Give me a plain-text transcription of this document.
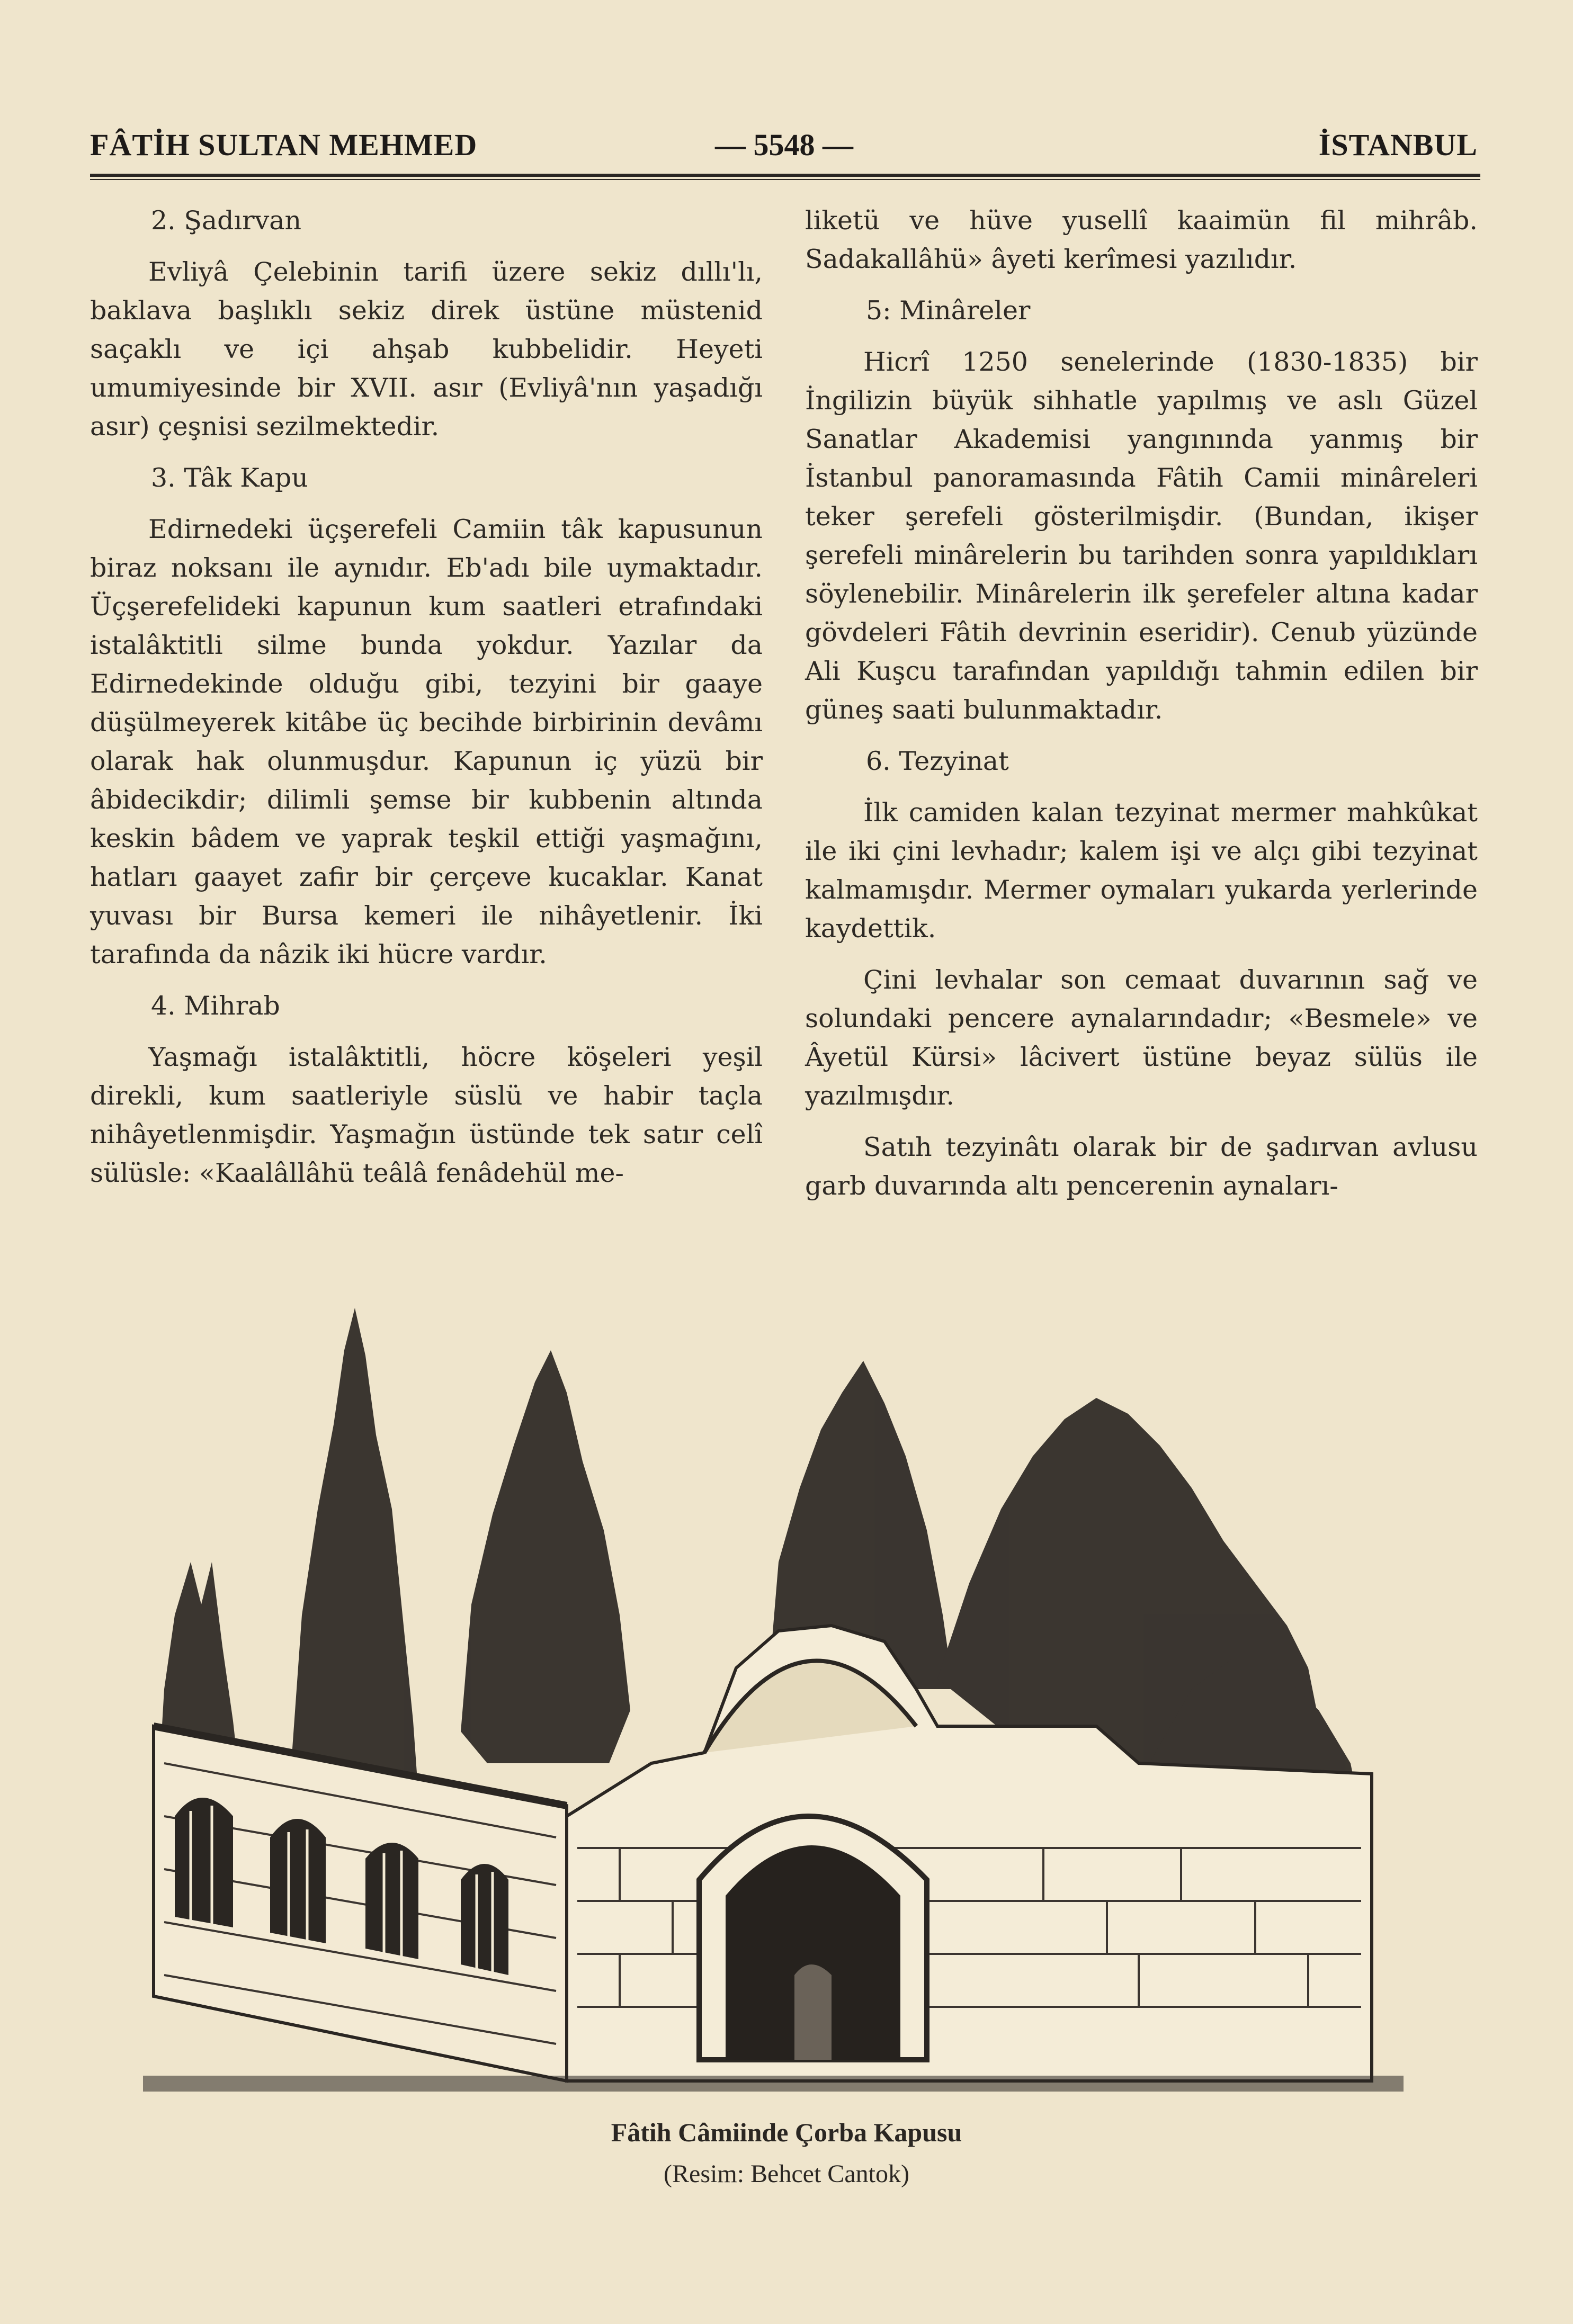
FÂTİH SULTAN MEHMED	— 5548 —	İSTANBUL
2. Şadırvan

Evliyâ Çelebinin tarifi üzere sekiz dıllı'lı, baklava başlıklı sekiz direk üstüne müstenid saçaklı ve içi ahşab kubbelidir. Heyeti umumiyesinde bir XVII. asır (Evliyâ'nın yaşadığı asır) çeşnisi sezilmektedir.

3. Tâk Kapu

Edirnedeki üçşerefeli Camiin tâk kapusunun biraz noksanı ile aynıdır. Eb'adı bile uymaktadır. Üçşerefelideki kapunun kum saatleri etrafındaki istalâktitli silme bunda yokdur. Yazılar da Edirnedekinde olduğu gibi, tezyini bir gaaye düşülmeyerek kitâbe üç becihde birbirinin devâmı olarak hak olunmuşdur. Kapunun iç yüzü bir âbidecikdir; dilimli şemse bir kubbenin altında keskin bâdem ve yaprak teşkil ettiği yaşmağını, hatları gaayet zafir bir çerçeve kucaklar. Kanat yuvası bir Bursa kemeri ile nihâyetlenir. İki tarafında da nâzik iki hücre vardır.

4. Mihrab

Yaşmağı istalâktitli, höcre köşeleri yeşil direkli, kum saatleriyle süslü ve habir taçla nihâyetlenmişdir. Yaşmağın üstünde tek satır celî sülüsle: «Kaalâllâhü teâlâ fenâdehül me-

liketü ve hüve yusellî kaaimün fil mihrâb. Sadakallâhü» âyeti kerîmesi yazılıdır.

5: Minâreler

Hicrî 1250 senelerinde (1830-1835) bir İngilizin büyük sihhatle yapılmış ve aslı Güzel Sanatlar Akademisi yangınında yanmış bir İstanbul panoramasında Fâtih Camii minâreleri teker şerefeli gösterilmişdir. (Bundan, ikişer şerefeli minârelerin bu tarihden sonra yapıldıkları söylenebilir. Minârelerin ilk şerefeler altına kadar gövdeleri Fâtih devrinin eseridir). Cenub yüzünde Ali Kuşcu tarafından yapıldığı tahmin edilen bir güneş saati bulunmaktadır.

6. Tezyinat

İlk camiden kalan tezyinat mermer mahkûkat ile iki çini levhadır; kalem işi ve alçı gibi tezyinat kalmamışdır. Mermer oymaları yukarda yerlerinde kaydettik.

Çini levhalar son cemaat duvarının sağ ve solundaki pencere aynalarındadır; «Besmele» ve Âyetül Kürsi» lâcivert üstüne beyaz sülüs ile yazılmışdır.

Satıh tezyinâtı olarak bir de şadırvan avlusu garb duvarında altı pencerenin aynaları-

Fâtih Câmiinde Çorba Kapusu
(Resim: Behcet Cantok)
